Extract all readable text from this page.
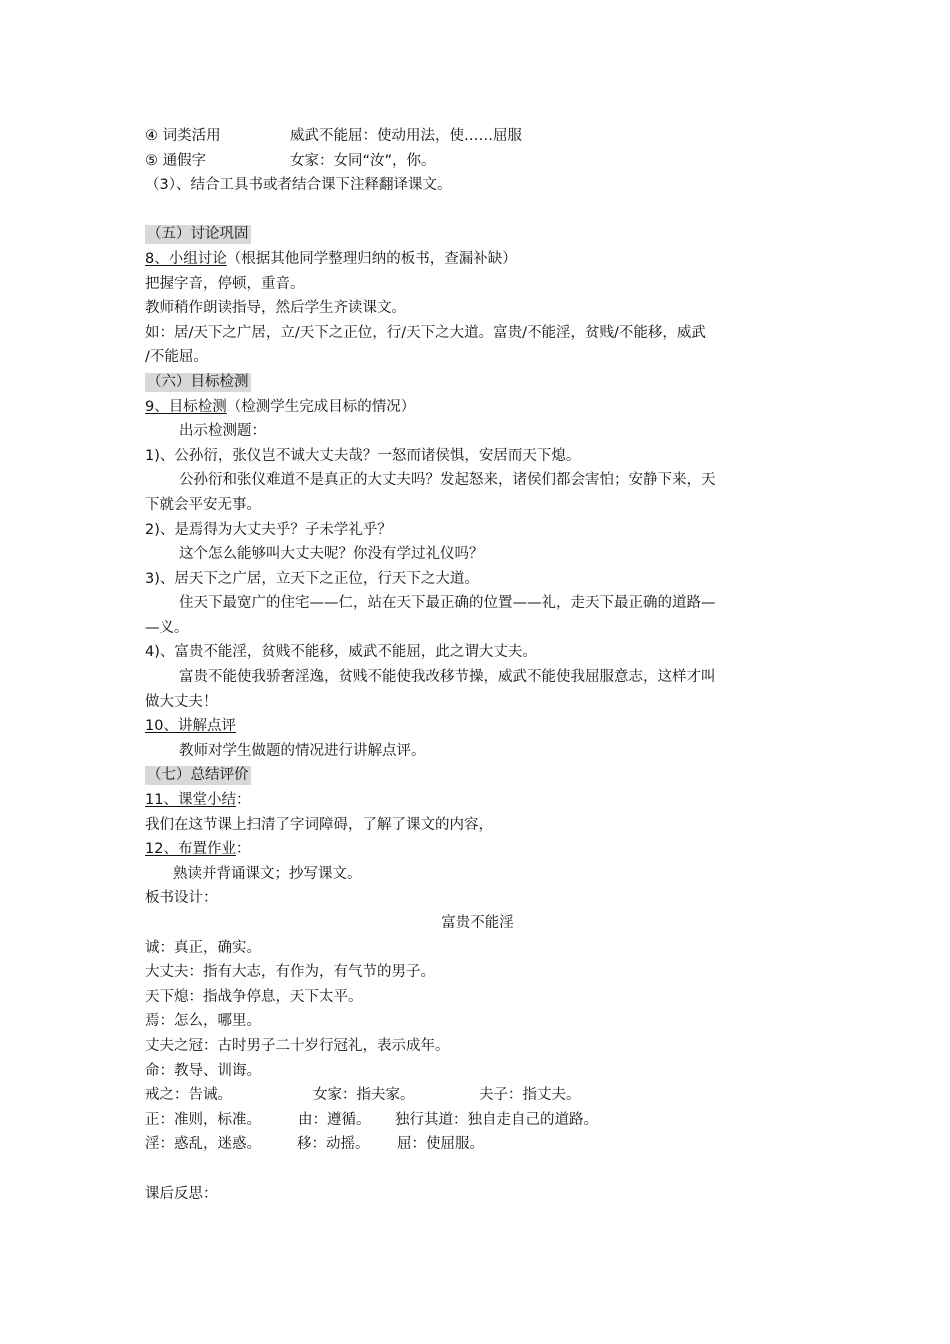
④ 词类活用	威武不能屈：使动用法，使……屈服
⑤ 通假字	女家：女同“汝”，你。
（3）、结合工具书或者结合课下注释翻译课文。
（五）讨论巩固
8、小组讨论（根据其他同学整理归纳的板书，查漏补缺）
把握字音，停顿，重音。
教师稍作朗读指导，然后学生齐读课文。
如：居/天下之广居，立/天下之正位，行/天下之大道。富贵/不能淫，贫贱/不能移，威武
/不能屈。
（六）目标检测
9、目标检测（检测学生完成目标的情况）
出示检测题：
1)、公孙衍，张仪岂不诚大丈夫哉？一怒而诸侯惧，安居而天下熄。
公孙衍和张仪难道不是真正的大丈夫吗？发起怒来，诸侯们都会害怕；安静下来，天
下就会平安无事。
2)、是焉得为大丈夫乎？子未学礼乎？
这个怎么能够叫大丈夫呢？你没有学过礼仪吗？
3)、居天下之广居，立天下之正位，行天下之大道。
住天下最宽广的住宅——仁，站在天下最正确的位置——礼，走天下最正确的道路—
—义。
4)、富贵不能淫，贫贱不能移，威武不能屈，此之谓大丈夫。
富贵不能使我骄奢淫逸，贫贱不能使我改移节操，威武不能使我屈服意志，这样才叫
做大丈夫！
10、讲解点评
教师对学生做题的情况进行讲解点评。
（七）总结评价
11、课堂小结：
我们在这节课上扫清了字词障碍，了解了课文的内容，
12、布置作业：
熟读并背诵课文；抄写课文。
板书设计：
富贵不能淫
诚：真正，确实。
大丈夫：指有大志，有作为，有气节的男子。
天下熄：指战争停息，天下太平。
焉：怎么，哪里。
丈夫之冠：古时男子二十岁行冠礼，表示成年。
命：教导、训诲。
戒之：告诫。	女家：指夫家。	夫子：指丈夫。
正：准则，标准。	由：遵循。 独行其道：独自走自己的道路。
淫：惑乱，迷惑。 移：动摇。 屈：使屈服。
课后反思：
